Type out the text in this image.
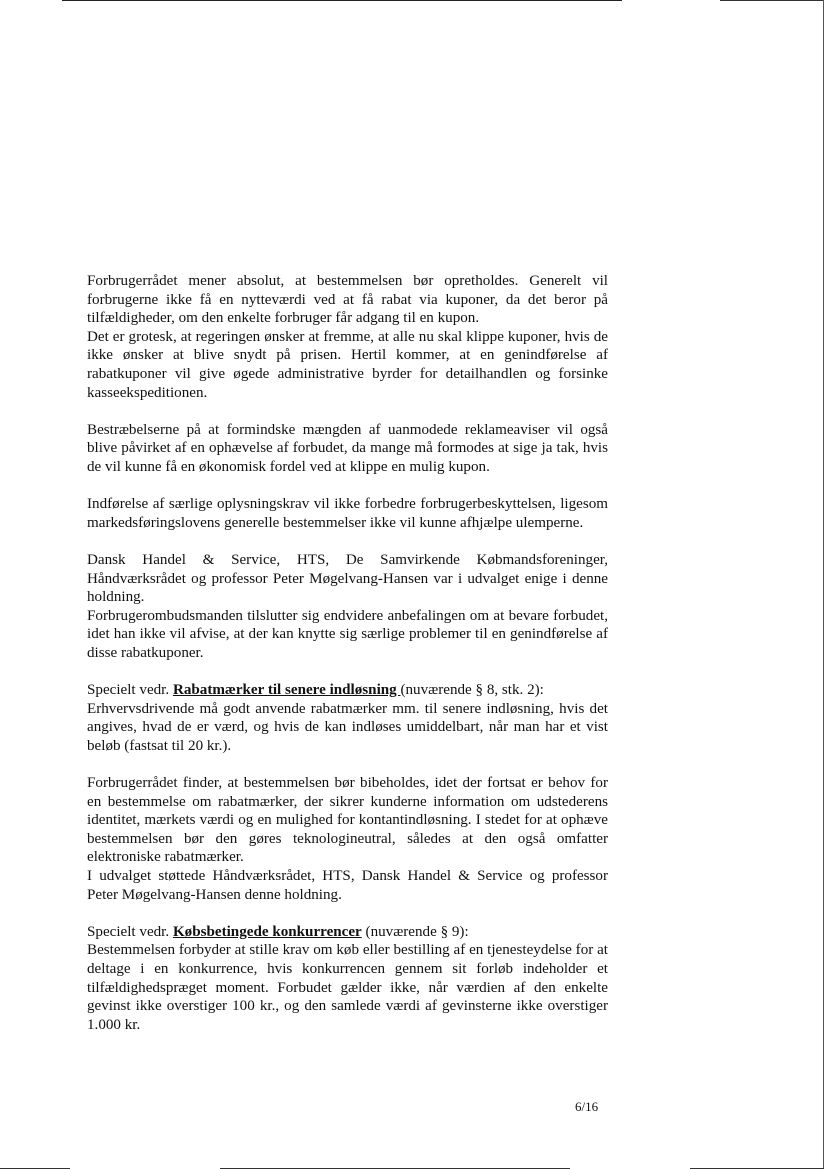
Forbrugerrådet mener absolut, at bestemmelsen bør opretholdes. Generelt vil forbrugerne ikke få en nytteværdi ved at få rabat via kuponer, da det beror på tilfældigheder, om den enkelte forbruger får adgang til en kupon.

Det er grotesk, at regeringen ønsker at fremme, at alle nu skal klippe kuponer, hvis de ikke ønsker at blive snydt på prisen. Hertil kommer, at en genindførelse af rabatkuponer vil give øgede administrative byrder for detailhandlen og forsinke kasseekspeditionen.

Bestræbelserne på at formindske mængden af uanmodede reklameaviser vil også blive påvirket af en ophævelse af forbudet, da mange må formodes at sige ja tak, hvis de vil kunne få en økonomisk fordel ved at klippe en mulig kupon.

Indførelse af særlige oplysningskrav vil ikke forbedre forbrugerbeskyttelsen, ligesom markedsføringslovens generelle bestemmelser ikke vil kunne afhjælpe ulemperne.

Dansk Handel & Service, HTS, De Samvirkende Købmandsforeninger, Håndværksrådet og professor Peter Møgelvang-Hansen var i udvalget enige i denne holdning.

Forbrugerombudsmanden tilslutter sig endvidere anbefalingen om at bevare forbudet, idet han ikke vil afvise, at der kan knytte sig særlige problemer til en genindførelse af disse rabatkuponer.

Specielt vedr. Rabatmærker til senere indløsning (nuværende § 8, stk. 2):

Erhvervsdrivende må godt anvende rabatmærker mm. til senere indløsning, hvis det angives, hvad de er værd, og hvis de kan indløses umiddelbart, når man har et vist beløb (fastsat til 20 kr.).

Forbrugerrådet finder, at bestemmelsen bør bibeholdes, idet der fortsat er behov for en bestemmelse om rabatmærker, der sikrer kunderne information om udstederens identitet, mærkets værdi og en mulighed for kontantindløsning. I stedet for at ophæve bestemmelsen bør den gøres teknologineutral, således at den også omfatter elektroniske rabatmærker.

I udvalget støttede Håndværksrådet, HTS, Dansk Handel & Service og professor Peter Møgelvang-Hansen denne holdning.

Specielt vedr. Købsbetingede konkurrencer (nuværende § 9):

Bestemmelsen forbyder at stille krav om køb eller bestilling af en tjenesteydelse for at deltage i en konkurrence, hvis konkurrencen gennem sit forløb indeholder et tilfældighedspræget moment. Forbudet gælder ikke, når værdien af den enkelte gevinst ikke overstiger 100 kr., og den samlede værdi af gevinsterne ikke overstiger 1.000 kr.

6/16
